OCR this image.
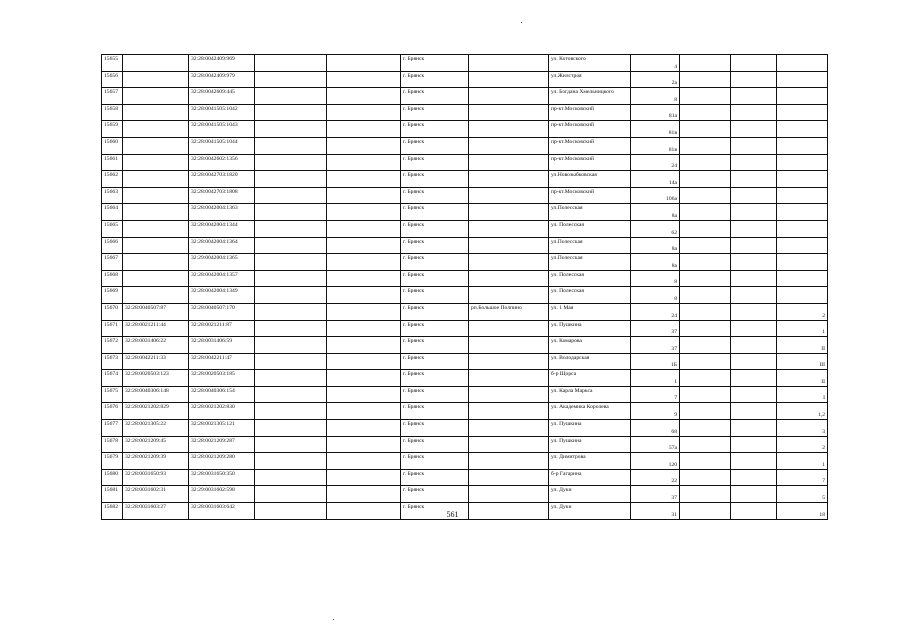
15655		32:28:0042409:969			г. Брянск		ул. Котовского	4			
15656		32:28:0042409:979			г. Брянск		ул.Жилстроя	2а			
15657		32:28:0042609:445			г. Брянск		ул. Богдана Хмельницкого	8			
15658		32:28:0041505:1042			г. Брянск		пр-кт.Московский	81а			
15659		32:28:0041505:1043			г. Брянск		пр-кт.Московский	81в			
15660		32:28:0041505:1044			г. Брянск		пр-кт.Московский	81в			
15661		32:28:0042602:1356			г. Брянск		пр-кт.Московский	24			
15662		32:28:0042703:1820			г. Брянск		ул.Новозыбковская	14а			
15663		32:28:0042703:1808			г. Брянск		пр-кт.Московский	106а			
15664		32:28:0042004:1363			г. Брянск		ул.Полесская	8а			
15665		32:28:0042004:1344			г. Брянск		ул. Полесская	62			
15666		32:28:0042004:1364			г. Брянск		ул.Полесская	8а			
15667		32:29:0042004:1365			г. Брянск		ул.Полесская	8а			
15668		32:28:0042004:1357			г. Брянск		ул. Полесская	8			
15669		32:28:0042004:1349			г. Брянск		ул. Полесская	8			
15670	32:28:0040507:87	32:28:0040507:170			г. Брянск	рп.Большое Полпино	ул. 1 Мая	24			2
15671	32:28:0021211:44	32:28:0021211:87			г. Брянск		ул. Пушкина	37			1
15672	32:28:0031406:22	32:28:0031406:59			г. Брянск		ул. Комарова	37			II
15673	32:28:0042211:33	32:28:0042211:47			г. Брянск		ул. Володарская	1Б			III
15674	32:28:0020503:123	32:28:0020503:185			г. Брянск		б-р Щорса	1			II
15675	32:28:0040306:148	32:28:0040306:154			г. Брянск		ул. Карла Маркса	7			I
15676	32:28:0021202:829	32:28:0021202:830			г. Брянск		ул. Академика Королева	9			1,2
15677	32:28:0021305:22	32:28:0021305:121			г. Брянск		ул. Пушкина	68			3
15678	32:28:0021209:45	32:28:0021209:287			г. Брянск		ул. Пушкина	57а			2
15679	32:28:0021209:39	32:28:0021209:280			г. Брянск		ул. Димитрова	120			1
15680	32:28:0031650:93	32:28:0031650:350			г. Брянск		б-р Гагарина	22			7
15681	32:28:0031602:31	32:29:0031602:598			г. Брянск		ул. Дуки	37			5
15682	32:28:0031603:27	32:28:0031603:642			г. Брянск		ул. Дуки	31			18
561
